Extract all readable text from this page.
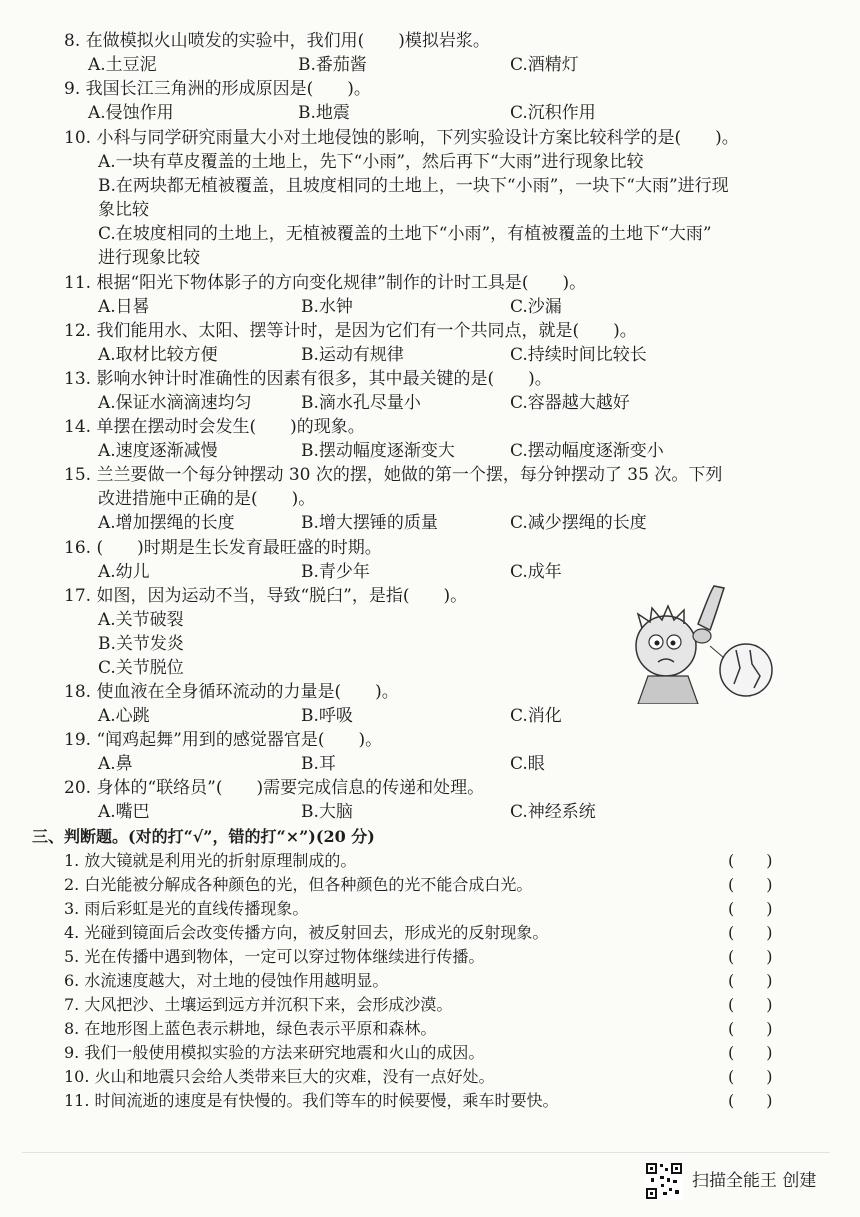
8. 在做模拟火山喷发的实验中，我们用(　　)模拟岩浆。
A.土豆泥	B.番茄酱	C.酒精灯
9. 我国长江三角洲的形成原因是(　　)。
A.侵蚀作用	B.地震	C.沉积作用
10. 小科与同学研究雨量大小对土地侵蚀的影响，下列实验设计方案比较科学的是(　　)。
A.一块有草皮覆盖的土地上，先下“小雨”，然后再下“大雨”进行现象比较
B.在两块都无植被覆盖，且坡度相同的土地上，一块下“小雨”，一块下“大雨”进行现
象比较
C.在坡度相同的土地上，无植被覆盖的土地下“小雨”，有植被覆盖的土地下“大雨”
进行现象比较
11. 根据“阳光下物体影子的方向变化规律”制作的计时工具是(　　)。
A.日晷	B.水钟	C.沙漏
12. 我们能用水、太阳、摆等计时，是因为它们有一个共同点，就是(　　)。
A.取材比较方便	B.运动有规律	C.持续时间比较长
13. 影响水钟计时准确性的因素有很多，其中最关键的是(　　)。
A.保证水滴滴速均匀	B.滴水孔尽量小	C.容器越大越好
14. 单摆在摆动时会发生(　　)的现象。
A.速度逐渐减慢	B.摆动幅度逐渐变大	C.摆动幅度逐渐变小
15. 兰兰要做一个每分钟摆动 30 次的摆，她做的第一个摆，每分钟摆动了 35 次。下列
改进措施中正确的是(　　)。
A.增加摆绳的长度	B.增大摆锤的质量	C.减少摆绳的长度
16. (　　)时期是生长发育最旺盛的时期。
A.幼儿	B.青少年	C.成年
17. 如图，因为运动不当，导致“脱臼”，是指(　　)。
A.关节破裂
B.关节发炎
C.关节脱位
18. 使血液在全身循环流动的力量是(　　)。
A.心跳	B.呼吸	C.消化
19. “闻鸡起舞”用到的感觉器官是(　　)。
A.鼻	B.耳	C.眼
20. 身体的“联络员”(　　)需要完成信息的传递和处理。
A.嘴巴	B.大脑	C.神经系统
三、判断题。(对的打“√”，错的打“×”)(20 分)
1. 放大镜就是利用光的折射原理制成的。	(　　)
2. 白光能被分解成各种颜色的光，但各种颜色的光不能合成白光。	(　　)
3. 雨后彩虹是光的直线传播现象。	(　　)
4. 光碰到镜面后会改变传播方向，被反射回去，形成光的反射现象。	(　　)
5. 光在传播中遇到物体，一定可以穿过物体继续进行传播。	(　　)
6. 水流速度越大，对土地的侵蚀作用越明显。	(　　)
7. 大风把沙、土壤运到远方并沉积下来，会形成沙漠。	(　　)
8. 在地形图上蓝色表示耕地，绿色表示平原和森林。	(　　)
9. 我们一般使用模拟实验的方法来研究地震和火山的成因。	(　　)
10. 火山和地震只会给人类带来巨大的灾难，没有一点好处。	(　　)
11. 时间流逝的速度是有快慢的。我们等车的时候要慢，乘车时要快。	(　　)
扫描全能王 创建
